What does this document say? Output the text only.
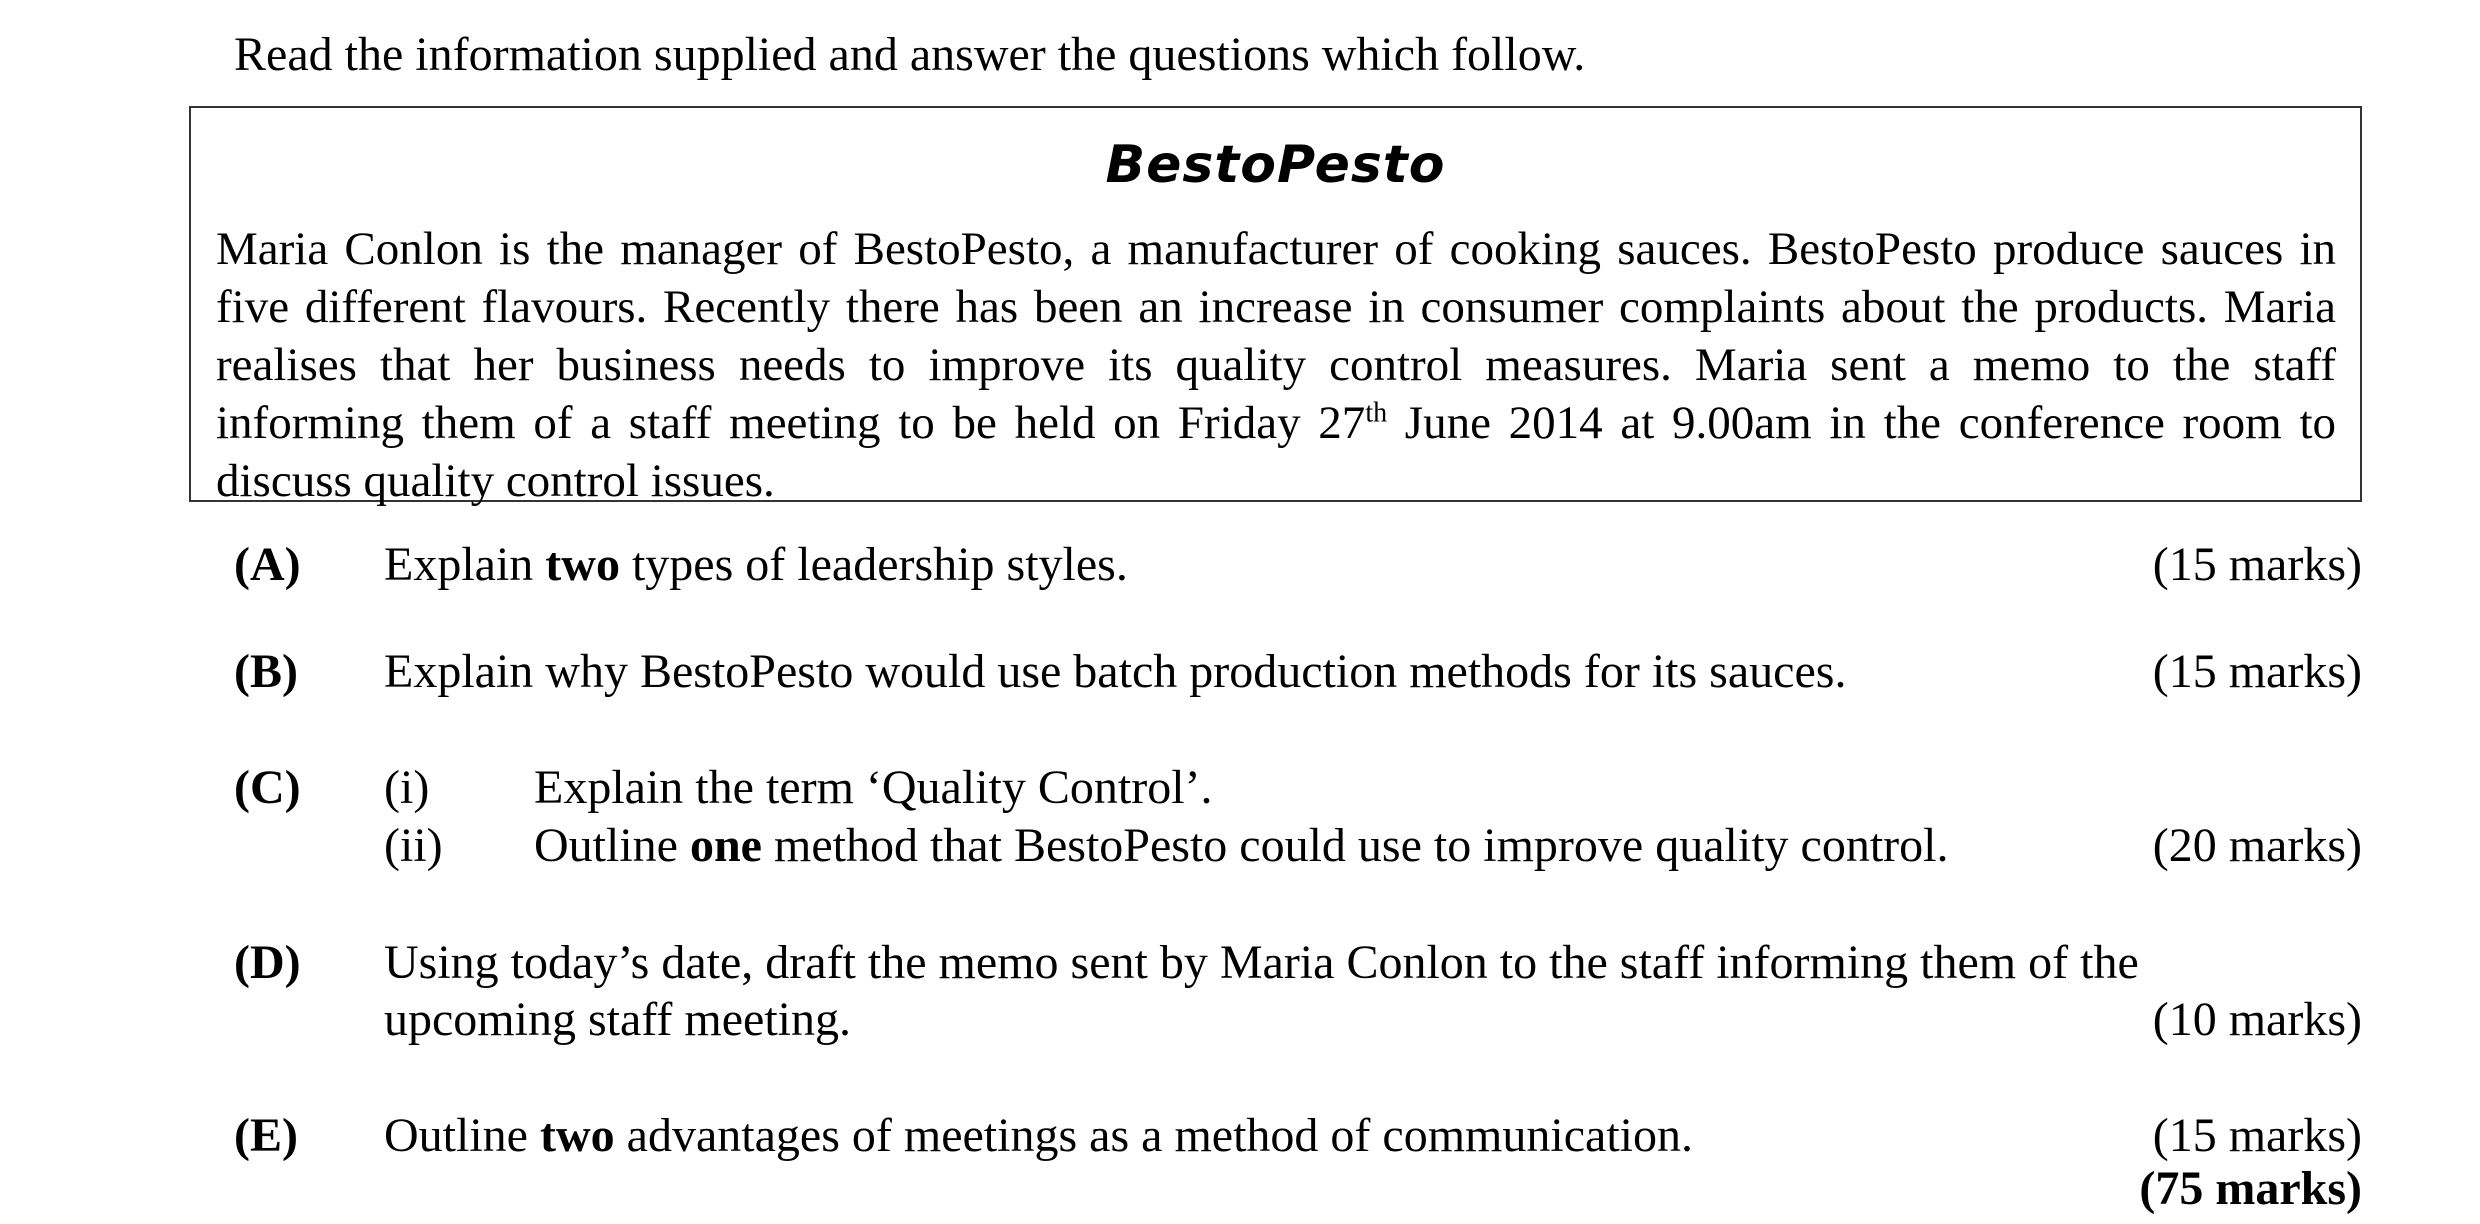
Read the information supplied and answer the questions which follow.
BestoPesto
Maria Conlon is the manager of BestoPesto, a manufacturer of cooking sauces. BestoPesto produce sauces in five different flavours. Recently there has been an increase in consumer complaints about the products. Maria realises that her business needs to improve its quality control measures. Maria sent a memo to the staff informing them of a staff meeting to be held on Friday 27th June 2014 at 9.00am in the conference room to discuss quality control issues.
(A) Explain two types of leadership styles.	(15 marks)
(B) Explain why BestoPesto would use batch production methods for its sauces.	(15 marks)
(C) (i) Explain the term ‘Quality Control’.
(ii) Outline one method that BestoPesto could use to improve quality control.	(20 marks)
(D) Using today’s date, draft the memo sent by Maria Conlon to the staff informing them of the
upcoming staff meeting.	(10 marks)
(E) Outline two advantages of meetings as a method of communication.	(15 marks)
(75 marks)
